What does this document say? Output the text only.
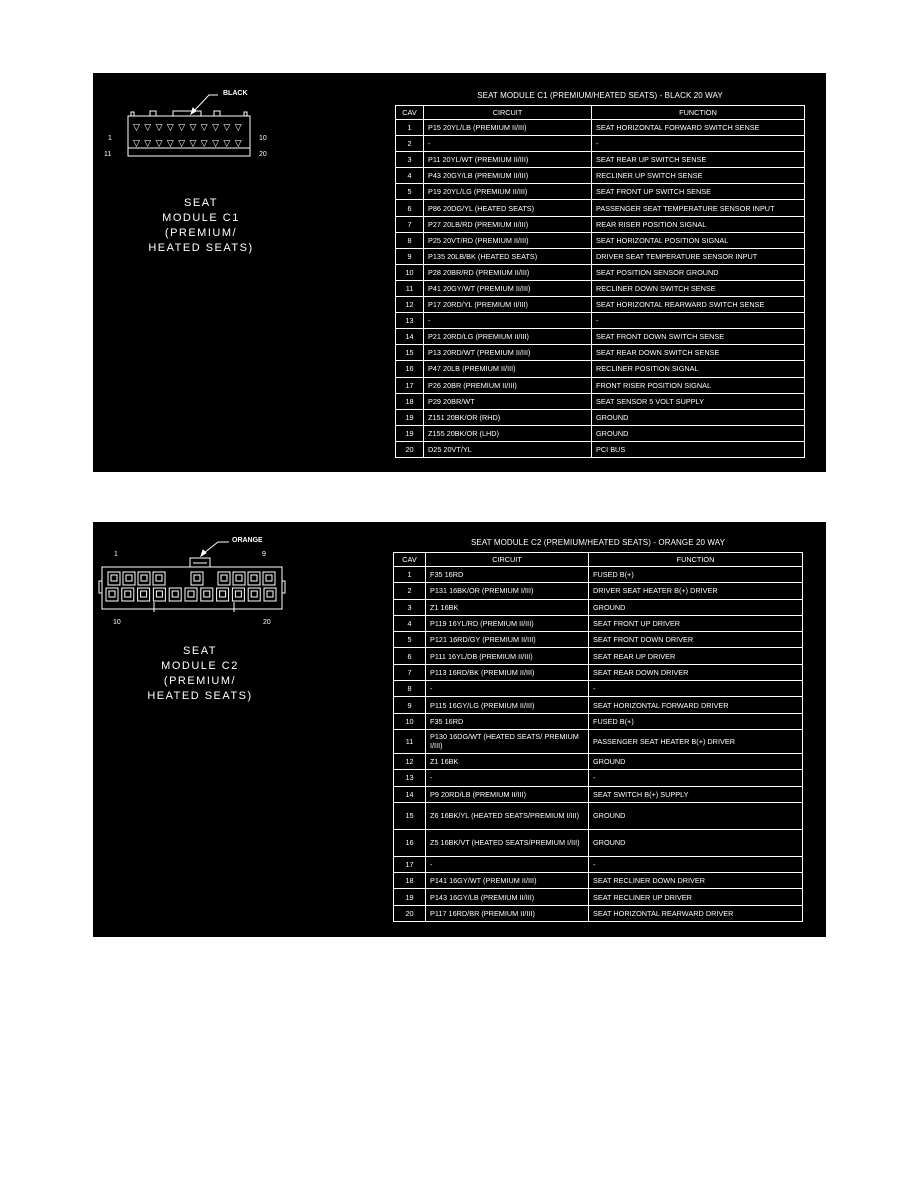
▽ ▽ ▽ ▽ ▽ ▽ ▽ ▽ ▽ ▽
▽ ▽ ▽ ▽ ▽ ▽ ▽ ▽ ▽ ▽
BLACK
1	10
11	20
SEAT
MODULE C1
(PREMIUM/
HEATED SEATS)
SEAT MODULE C1 (PREMIUM/HEATED SEATS) - BLACK 20 WAY
CAV	CIRCUIT	FUNCTION
1	P15 20YL/LB (PREMIUM II/III)	SEAT HORIZONTAL FORWARD SWITCH SENSE
2	-	-
3	P11 20YL/WT (PREMIUM II/III)	SEAT REAR UP SWITCH SENSE
4	P43 20GY/LB (PREMIUM II/III)	RECLINER UP SWITCH SENSE
5	P19 20YL/LG (PREMIUM II/III)	SEAT FRONT UP SWITCH SENSE
6	P86 20DG/YL (HEATED SEATS)	PASSENGER SEAT TEMPERATURE SENSOR INPUT
7	P27 20LB/RD (PREMIUM II/III)	REAR RISER POSITION SIGNAL
8	P25 20VT/RD (PREMIUM II/III)	SEAT HORIZONTAL POSITION SIGNAL
9	P135 20LB/BK (HEATED SEATS)	DRIVER SEAT TEMPERATURE SENSOR INPUT
10	P28 20BR/RD (PREMIUM II/III)	SEAT POSITION SENSOR GROUND
11	P41 20GY/WT (PREMIUM II/III)	RECLINER DOWN SWITCH SENSE
12	P17 20RD/YL (PREMIUM II/III)	SEAT HORIZONTAL REARWARD SWITCH SENSE
13	-	-
14	P21 20RD/LG (PREMIUM II/III)	SEAT FRONT DOWN SWITCH SENSE
15	P13 20RD/WT (PREMIUM II/III)	SEAT REAR DOWN SWITCH SENSE
16	P47 20LB (PREMIUM II/III)	RECLINER POSITION SIGNAL
17	P26 20BR (PREMIUM II/III)	FRONT RISER POSITION SIGNAL
18	P29 20BR/WT	SEAT SENSOR 5 VOLT SUPPLY
19	Z151 20BK/OR (RHD)	GROUND
19	Z155 20BK/OR (LHD)	GROUND
20	D25 20VT/YL	PCI BUS
ORANGE
1	9
10	20
SEAT
MODULE C2
(PREMIUM/
HEATED SEATS)
SEAT MODULE C2 (PREMIUM/HEATED SEATS) - ORANGE 20 WAY
CAV	CIRCUIT	FUNCTION
1	F35 16RD	FUSED B(+)
2	P131 16BK/OR (PREMIUM I/III)	DRIVER SEAT HEATER B(+) DRIVER
3	Z1 16BK	GROUND
4	P119 16YL/RD (PREMIUM II/III)	SEAT FRONT UP DRIVER
5	P121 16RD/GY (PREMIUM II/III)	SEAT FRONT DOWN DRIVER
6	P111 16YL/DB (PREMIUM II/III)	SEAT REAR UP DRIVER
7	P113 16RD/BK (PREMIUM II/III)	SEAT REAR DOWN DRIVER
8	-	-
9	P115 16GY/LG (PREMIUM II/III)	SEAT HORIZONTAL FORWARD DRIVER
10	F35 16RD	FUSED B(+)
11	P130 16DG/WT (HEATED SEATS/ PREMIUM I/III)	PASSENGER SEAT HEATER B(+) DRIVER
12	Z1 16BK	GROUND
13	-	-
14	P9 20RD/LB (PREMIUM II/III)	SEAT SWITCH B(+) SUPPLY
15	Z6 16BK/YL (HEATED SEATS/PREMIUM I/III)	GROUND
16	Z5 16BK/VT (HEATED SEATS/PREMIUM I/III)	GROUND
17	-	-
18	P141 16GY/WT (PREMIUM II/III)	SEAT RECLINER DOWN DRIVER
19	P143 16GY/LB (PREMIUM II/III)	SEAT RECLINER UP DRIVER
20	P117 16RD/BR (PREMIUM II/III)	SEAT HORIZONTAL REARWARD DRIVER
